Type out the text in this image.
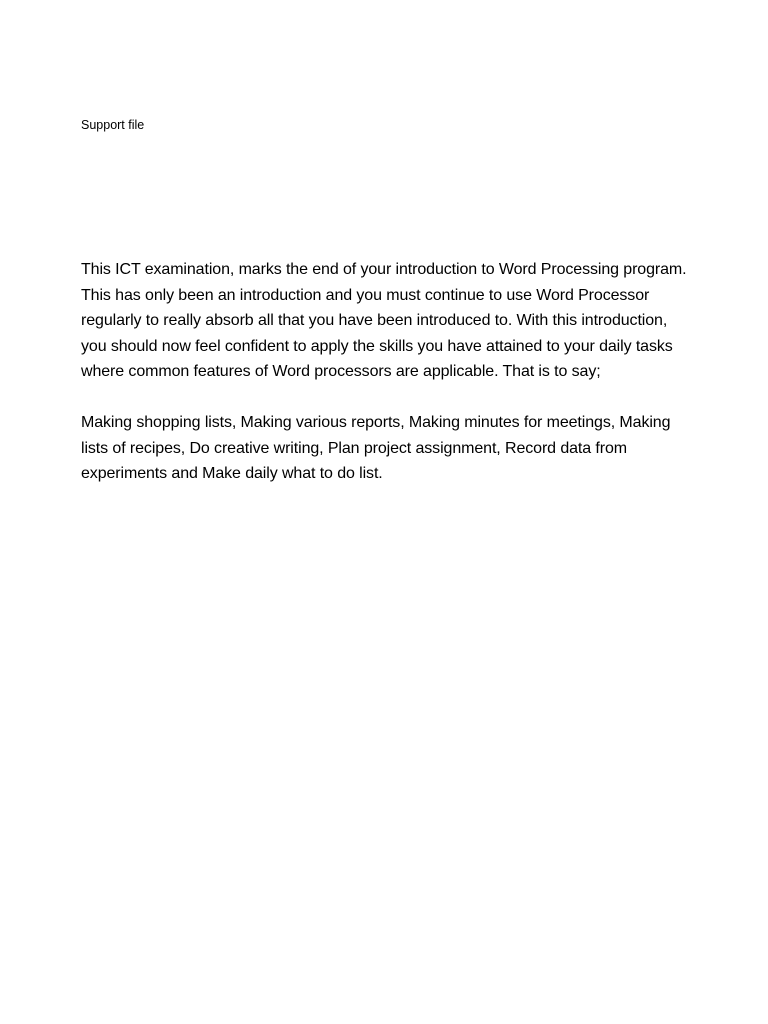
Support file

This ICT examination, marks the end of your introduction to Word Processing program. This has only been an introduction and you must continue to use Word Processor regularly to really absorb all that you have been introduced to. With this introduction, you should now feel confident to apply the skills you have attained to your daily tasks where common features of Word processors are applicable. That is to say;

Making shopping lists, Making various reports, Making minutes for meetings, Making lists of recipes, Do creative writing, Plan project assignment, Record data from experiments and Make daily what to do list.
